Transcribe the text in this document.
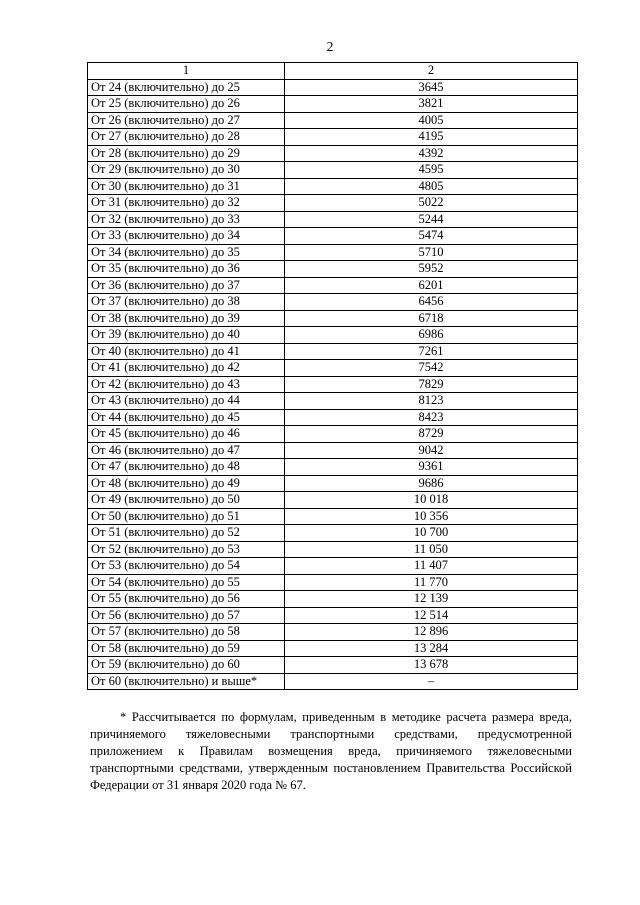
2
1	2
От 24 (включительно) до 25	3645
От 25 (включительно) до 26	3821
От 26 (включительно) до 27	4005
От 27 (включительно) до 28	4195
От 28 (включительно) до 29	4392
От 29 (включительно) до 30	4595
От 30 (включительно) до 31	4805
От 31 (включительно) до 32	5022
От 32 (включительно) до 33	5244
От 33 (включительно) до 34	5474
От 34 (включительно) до 35	5710
От 35 (включительно) до 36	5952
От 36 (включительно) до 37	6201
От 37 (включительно) до 38	6456
От 38 (включительно) до 39	6718
От 39 (включительно) до 40	6986
От 40 (включительно) до 41	7261
От 41 (включительно) до 42	7542
От 42 (включительно) до 43	7829
От 43 (включительно) до 44	8123
От 44 (включительно) до 45	8423
От 45 (включительно) до 46	8729
От 46 (включительно) до 47	9042
От 47 (включительно) до 48	9361
От 48 (включительно) до 49	9686
От 49 (включительно) до 50	10 018
От 50 (включительно) до 51	10 356
От 51 (включительно) до 52	10 700
От 52 (включительно) до 53	11 050
От 53 (включительно) до 54	11 407
От 54 (включительно) до 55	11 770
От 55 (включительно) до 56	12 139
От 56 (включительно) до 57	12 514
От 57 (включительно) до 58	12 896
От 58 (включительно) до 59	13 284
От 59 (включительно) до 60	13 678
От 60 (включительно) и выше*	–

* Рассчитывается по формулам, приведенным в методике расчета размера вреда, причиняемого тяжеловесными транспортными средствами, предусмотренной приложением к Правилам возмещения вреда, причиняемого тяжеловесными транспортными средствами, утвержденным постановлением Правительства Российской Федерации от 31 января 2020 года № 67.
